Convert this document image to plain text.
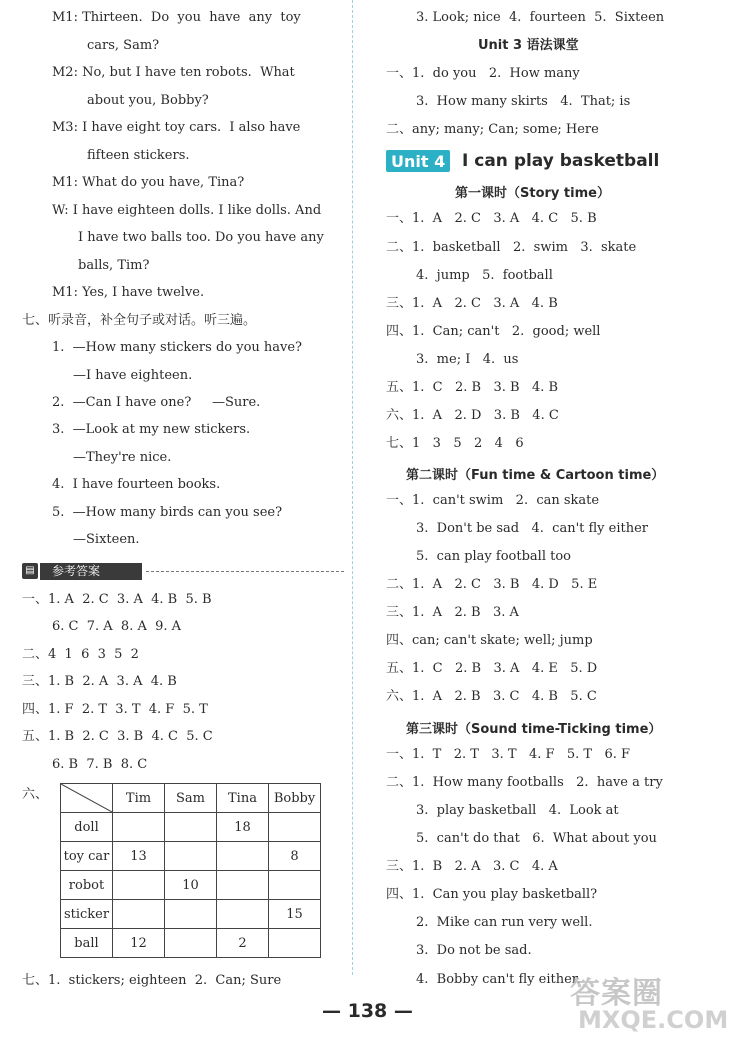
M1: Thirteen.  Do  you  have  any  toy
cars, Sam?
M2: No, but I have ten robots.  What
about you, Bobby?
M3: I have eight toy cars.  I also have
fifteen stickers.
M1: What do you have, Tina?
W: I have eighteen dolls. I like dolls. And
I have two balls too. Do you have any
balls, Tim?
M1: Yes, I have twelve.
七、听录音，补全句子或对话。听三遍。
1.  —How many stickers do you have?
—I have eighteen.
2.  —Can I have one?     —Sure.
3.  —Look at my new stickers.
—They're nice.
4.  I have fourteen books.
5.  —How many birds can you see?
—Sixteen.
一、1. A  2. C  3. A  4. B  5. B
6. C  7. A  8. A  9. A
二、4  1  6  3  5  2
三、1. B  2. A  3. A  4. B
四、1. F  2. T  3. T  4. F  5. T
五、1. B  2. C  3. B  4. C  5. C
6. B  7. B  8. C
六、
七、1.  stickers; eighteen  2.  Can; Sure
▤	参考答案
	Tim	Sam	Tina	Bobby
doll			18	
toy car	13			8
robot		10		
sticker				15
ball	12		2	
3. Look; nice  4.  fourteen  5.  Sixteen
一、1.  do you   2.  How many
3.  How many skirts   4.  That; is
二、any; many; Can; some; Here
第一课时（Story time）
一、1.  A   2. C   3. A   4. C   5. B
二、1.  basketball   2.  swim   3.  skate
4.  jump   5.  football
三、1.  A   2. C   3. A   4. B
四、1.  Can; can't   2.  good; well
3.  me; I   4.  us
五、1.  C   2. B   3. B   4. B
六、1.  A   2. D   3. B   4. C
七、1   3   5   2   4   6
第二课时（Fun time & Cartoon time）
一、1.  can't swim   2.  can skate
3.  Don't be sad   4.  can't fly either
5.  can play football too
二、1.  A   2. C   3. B   4. D   5. E
三、1.  A   2. B   3. A
四、can; can't skate; well; jump
五、1.  C   2. B   3. A   4. E   5. D
六、1.  A   2. B   3. C   4. B   5. C
第三课时（Sound time-Ticking time）
一、1.  T   2. T   3. T   4. F   5. T   6. F
二、1.  How many footballs   2.  have a try
3.  play basketball   4.  Look at
5.  can't do that   6.  What about you
三、1.  B   2. A   3. C   4. A
四、1.  Can you play basketball?
2.  Mike can run very well.
3.  Do not be sad.
4.  Bobby can't fly either.
Unit 3 语法课堂
Unit 4 I can play basketball
— 138 —	答案圈
MXQE.COM
